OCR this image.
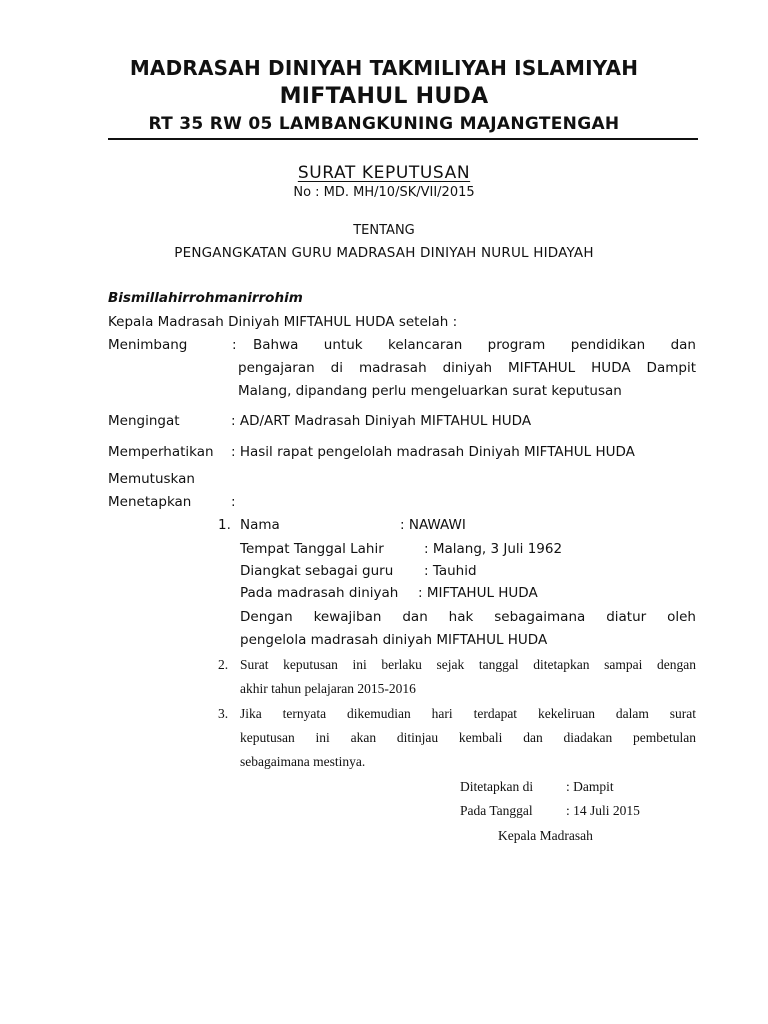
MADRASAH DINIYAH TAKMILIYAH ISLAMIYAH
MIFTAHUL HUDA
RT 35 RW 05 LAMBANGKUNING MAJANGTENGAH
SURAT KEPUTUSAN
No : MD. MH/10/SK/VII/2015
TENTANG
PENGANGKATAN GURU MADRASAH DINIYAH NURUL HIDAYAH
Bismillahirrohmanirrohim
Kepala Madrasah Diniyah MIFTAHUL HUDA setelah :
Menimbang	: Bahwa untuk kelancaran program pendidikan dan
pengajaran di madrasah diniyah MIFTAHUL HUDA Dampit
Malang, dipandang perlu mengeluarkan surat keputusan
Mengingat	: AD/ART Madrasah Diniyah MIFTAHUL HUDA
Memperhatikan : Hasil rapat pengelolah madrasah Diniyah MIFTAHUL HUDA
Memutuskan
Menetapkan	:
1. Nama	: NAWAWI
Tempat Tanggal Lahir	: Malang, 3 Juli 1962
Diangkat sebagai guru : Tauhid
Pada madrasah diniyah : MIFTAHUL HUDA
Dengan kewajiban dan hak sebagaimana diatur oleh
pengelola madrasah diniyah MIFTAHUL HUDA
2. Surat keputusan ini berlaku sejak tanggal ditetapkan sampai dengan
akhir tahun pelajaran 2015-2016
3. Jika ternyata dikemudian hari terdapat kekeliruan dalam surat
keputusan ini akan ditinjau kembali dan diadakan pembetulan
sebagaimana mestinya.
Ditetapkan di : Dampit
Pada Tanggal : 14 Juli 2015
Kepala Madrasah
